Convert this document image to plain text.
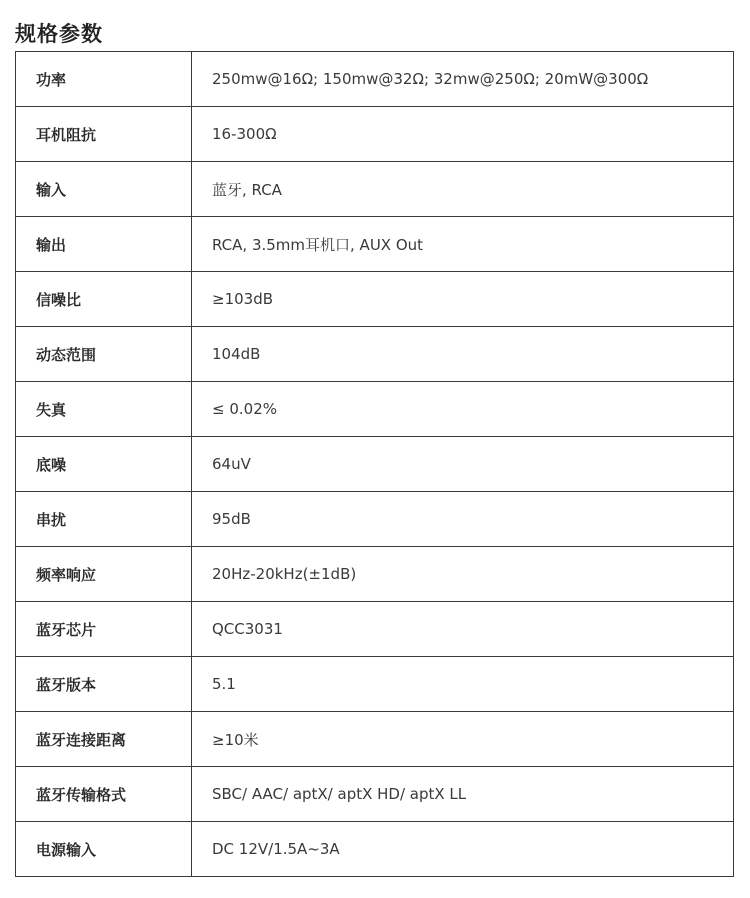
规格参数
功率	250mw@16Ω; 150mw@32Ω; 32mw@250Ω; 20mW@300Ω
耳机阻抗	16-300Ω
输入	蓝牙, RCA
输出	RCA, 3.5mm耳机口, AUX Out
信噪比	≥103dB
动态范围	104dB
失真	≤ 0.02%
底噪	64uV
串扰	95dB
频率响应	20Hz-20kHz(±1dB)
蓝牙芯片	QCC3031
蓝牙版本	5.1
蓝牙连接距离	≥10米
蓝牙传输格式	SBC/ AAC/ aptX/ aptX HD/ aptX LL
电源输入	DC 12V/1.5A~3A
